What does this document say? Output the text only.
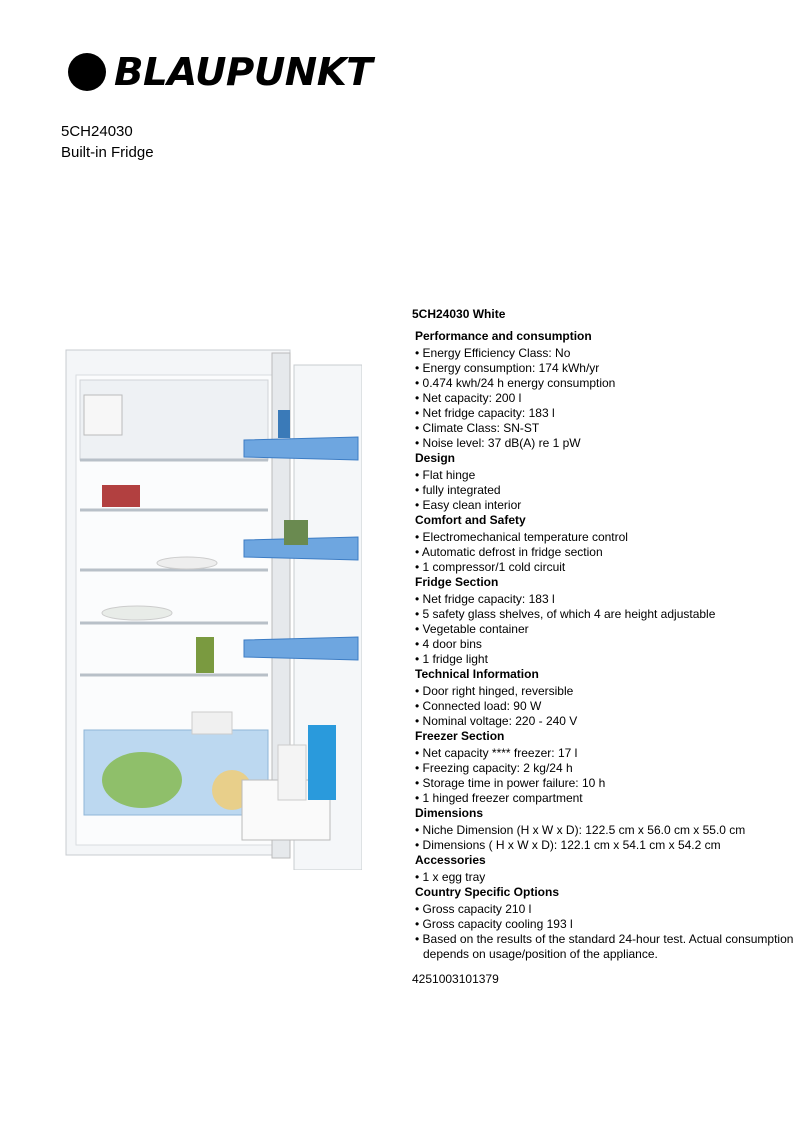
BLAUPUNKT
5CH24030
Built-in Fridge
5CH24030 White
Performance and consumption
• Energy Efficiency Class: No
• Energy consumption: 174 kWh/yr
• 0.474 kwh/24 h energy consumption
• Net capacity: 200 l
• Net fridge capacity: 183 l
• Climate Class: SN-ST
• Noise level: 37 dB(A) re 1 pW
Design
• Flat hinge
• fully integrated
• Easy clean interior
Comfort and Safety
• Electromechanical temperature control
• Automatic defrost in fridge section
• 1 compressor/1 cold circuit
Fridge Section
• Net fridge capacity: 183 l
• 5 safety glass shelves, of which 4 are height adjustable
• Vegetable container
• 4 door bins
• 1 fridge light
Technical Information
• Door right hinged, reversible
• Connected load: 90 W
• Nominal voltage: 220 - 240 V
Freezer Section
• Net capacity **** freezer: 17 l
• Freezing capacity: 2 kg/24 h
• Storage time in power failure: 10 h
• 1 hinged freezer compartment
Dimensions
• Niche Dimension (H x W x D): 122.5 cm x 56.0 cm x 55.0 cm
• Dimensions ( H x W x D): 122.1 cm x 54.1 cm x 54.2 cm
Accessories
• 1 x egg tray
Country Specific Options
• Gross capacity 210 l
• Gross capacity cooling 193 l
• Based on the results of the standard 24-hour test. Actual consumption depends on usage/position of the appliance.
4251003101379
